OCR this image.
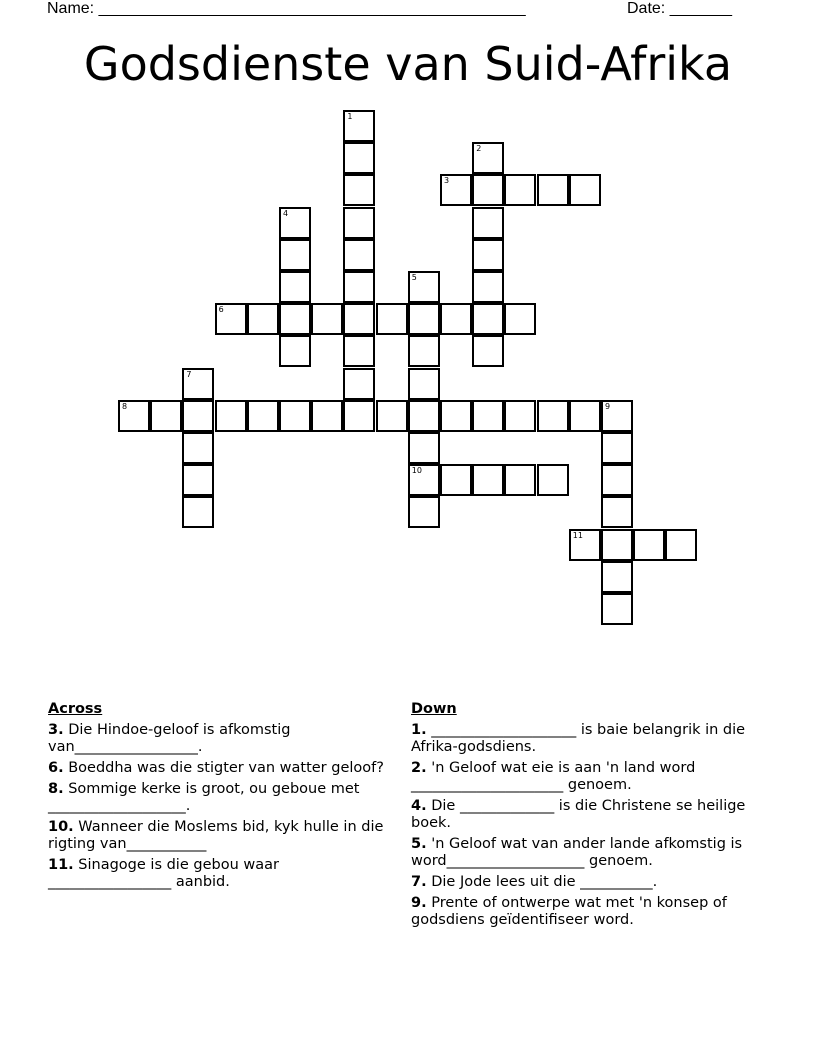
Name: ________________________________________________	Date: _______
Godsdienste van Suid-Afrika
1
2
3
4
5
10
6
7
8	9
11
Across
3. Die Hindoe-geloof is afkomstig van_________________.
6. Boeddha was die stigter van watter geloof?
8. Sommige kerke is groot, ou geboue met ___________________.
10. Wanneer die Moslems bid, kyk hulle in die rigting van___________
11. Sinagoge is die gebou waar _________________ aanbid.
Down
1. ____________________ is baie belangrik in die Afrika-godsdiens.
2. 'n Geloof wat eie is aan 'n land word _____________________ genoem.
4. Die _____________ is die Christene se heilige boek.
5. 'n Geloof wat van ander lande afkomstig is word___________________ genoem.
7. Die Jode lees uit die __________.
9. Prente of ontwerpe wat met 'n konsep of godsdiens geïdentifiseer word.
